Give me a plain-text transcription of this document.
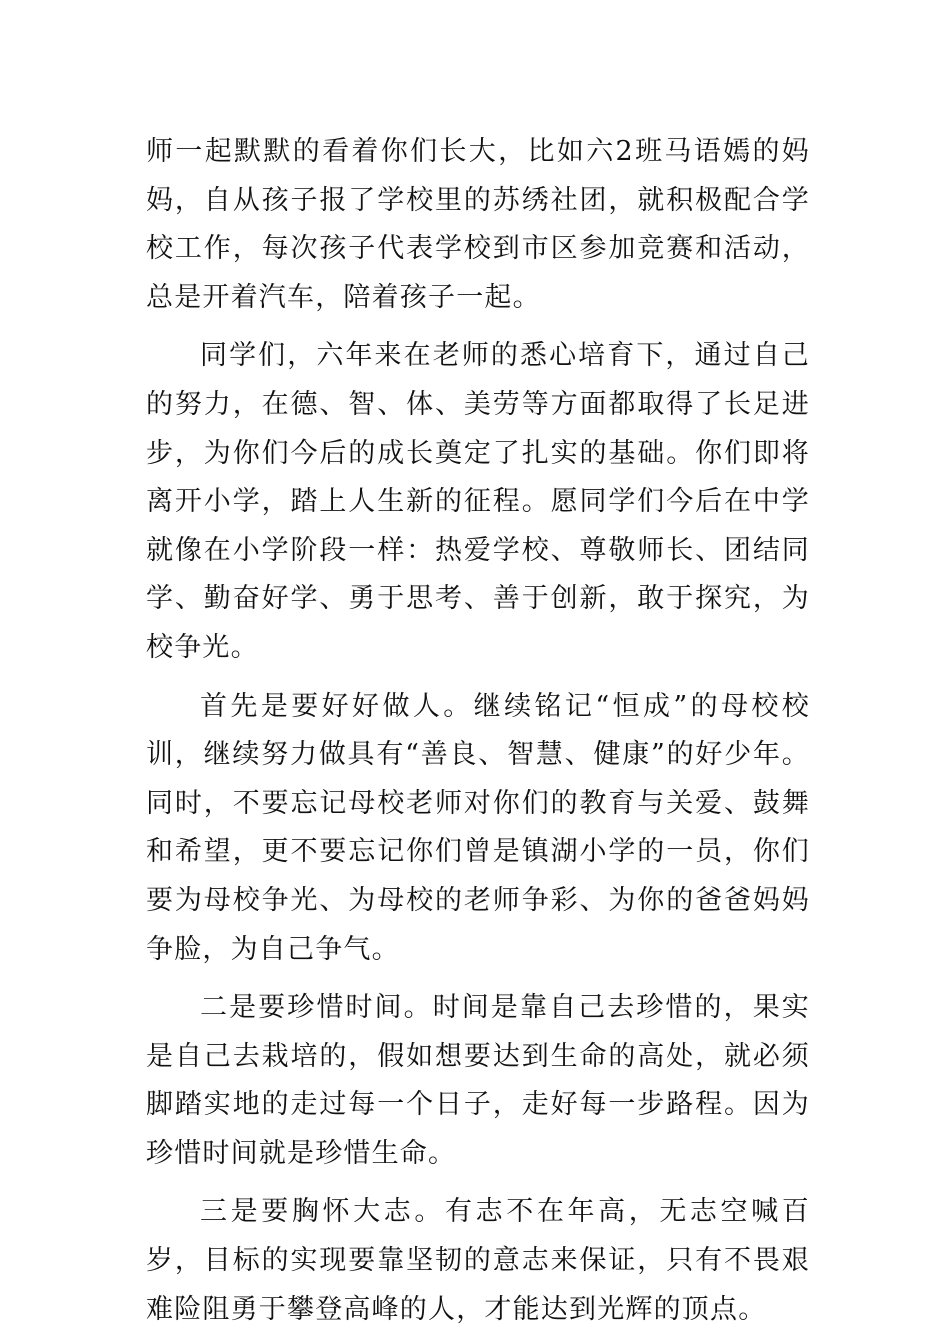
师一起默默的看着你们长大，比如六2班马语嫣的妈妈，自从孩子报了学校里的苏绣社团，就积极配合学校工作，每次孩子代表学校到市区参加竞赛和活动，总是开着汽车，陪着孩子一起。

同学们，六年来在老师的悉心培育下，通过自己的努力，在德、智、体、美劳等方面都取得了长足进步，为你们今后的成长奠定了扎实的基础。你们即将离开小学，踏上人生新的征程。愿同学们今后在中学就像在小学阶段一样：热爱学校、尊敬师长、团结同学、勤奋好学、勇于思考、善于创新，敢于探究，为校争光。

首先是要好好做人。继续铭记“恒成”的母校校训，继续努力做具有“善良、智慧、健康”的好少年。同时，不要忘记母校老师对你们的教育与关爱、鼓舞和希望，更不要忘记你们曾是镇湖小学的一员，你们要为母校争光、为母校的老师争彩、为你的爸爸妈妈争脸，为自己争气。

二是要珍惜时间。时间是靠自己去珍惜的，果实是自己去栽培的，假如想要达到生命的高处，就必须脚踏实地的走过每一个日子，走好每一步路程。因为珍惜时间就是珍惜生命。

三是要胸怀大志。有志不在年高，无志空喊百岁，目标的实现要靠坚韧的意志来保证，只有不畏艰难险阻勇于攀登高峰的人，才能达到光辉的顶点。
